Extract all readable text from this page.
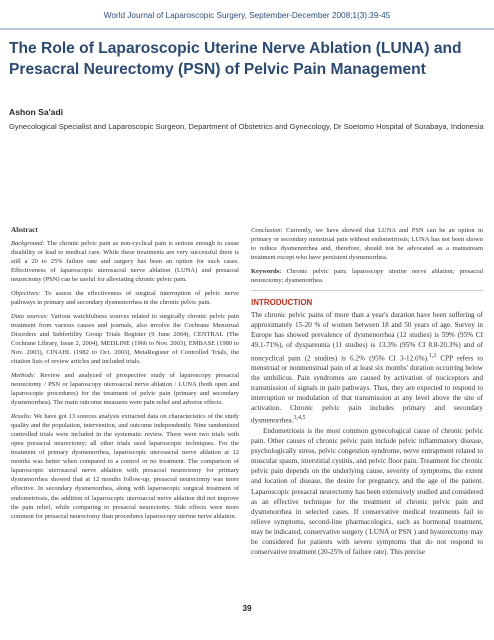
World Journal of Laparoscopic Surgery, September-December 2008;1(3):39-45
The Role of Laparoscopic Uterine Nerve Ablation (LUNA) and Presacral Neurectomy (PSN) of Pelvic Pain Management
Ashon Sa'adi
Gynecological Specialist and Laparoscopic Surgeon, Department of Obstetrics and Gynecology, Dr Soetomo Hospital of Surabaya, Indonesia
Abstract

Background: The chronic pelvic pain as non-cyclical pain is serious enough to cause disability or lead to medical care. While these treatments are very successful there is still a 20 to 25% failure rate and surgery has been an option for such cases. Effectiveness of laparoscopic uterosacral nerve ablation (LUNA) and presacral neurectomy (PSN) can be useful for alleviating chronic pelvic pain.

Objectives: To assess the effectiveness of surgical interruption of pelvic nerve pathways in primary and secondary dysmenorrhea in the chronic pelvic pain.

Data sources: Various watchfulness sources related to surgically chronic pelvic pain treatment from various causes and journals, also involve the Cochrane Menstrual Disorders and Subfertility Group Trials Register (9 June 2004), CENTRAL (The Cochrane Library, Issue 2, 2004), MEDLINE (1966 to Nov. 2003), EMBASE (1980 to Nov. 2003), CINAHL (1982 to Oct. 2003), MetaRegister of Controlled Trials, the citation lists of review articles and included trials.

Methods: Review and analyzed of prospective study of laparoscopy presacral neurectomy / PSN or laparoscopy uterosacral nerve ablation / LUNA (both open and laparoscopic procedures) for the treatment of pelvic pain (primary and secondary dysmenorrhea). The main outcome measures were pain relief and adverse effects.

Results: We have got 13 sources analysis extracted data on characteristics of the study quality and the population, intervention, and outcome independently. Nine randomized controlled trials were included in the systematic review. There were two trials with open presacral neurectomy; all other trials used laparoscopic techniques. For the treatment of primary dysmenorrhea, laparoscopic uterosacral nerve ablation at 12 months was better when compared to a control or no treatment. The comparison of laparoscopic uterosacral nerve ablation with presacral neurectomy for primary dysmenorrhea showed that at 12 months follow-up, presacral neurectomy was more effective. In secondary dysmenorrhea, along with laparoscopic surgical treatment of endometriosis, the addition of laparoscopic uterosacral nerve ablation did not improve the pain relief, while comparing to presacral neurectomy. Side effects were more common for presacral neurectomy than procedures laparoscopy uterine nerve ablation.

Conclusion: Currently, we have showed that LUNA and PSN can be an option in primary or secondary menstrual pain without endometriosis; LUNA has not been shown to reduce dysmenorrhea and, therefore, should not be advocated as a mainstream treatment except who have persistent dysmenorrhea.

Keywords: Chronic pelvic pain; laparoscopy uterine nerve ablation; presacral neurectomy; dysmenorrhea.

INTRODUCTION

The chronic pelvic pains of more than a year's duration have been suffering of approximately 15-20 % of women between 18 and 50 years of age. Survey in Europe has showed prevalence of dysmenorrhea (12 studies) is 59% (95% CI 49.1-71%), of dyspareunia (11 studies) is 13.3% (95% CI 8.8-20.3%) and of noncyclical pain (2 studies) is 6.2% (95% CI 3-12.6%).$^{1,2}$ CPP refers to menstrual or nonmenstrual pain of at least six months' duration occurring below the umbilicus. Pain syndromes are caused by activation of nociceptors and transmission of signals in pain pathways. Thus, they are expected to respond to interruption or modulation of that transmission at any level above the site of activation. Chronic pelvic pain includes primary and secondary dysmenorrhea.$^{3,4,5}$

Endometriosis is the most common gynecological cause of chronic pelvic pain. Other causes of chronic pelvic pain include pelvic inflammatory disease, psychologically stress, pelvic congestion syndrome, nerve entrapment related to muscular spasm, interstitial cystitis, and pelvic floor pain. Treatment for chronic pelvic pain depends on the underlying cause, severity of symptoms, the extent and location of disease, the desire for pregnancy, and the age of the patient. Laparoscopic presacral neurectomy has been extensively studied and considered as an effective technique for the treatment of chronic pelvic pain and dysmenorrhea in selected cases. If conservative medical treatments fail to relieve symptoms, second-line pharmacologics, such as hormonal treatment, may be indicated, conservative surgery ( LUNA or PSN ) and hysterectomy may be considered for patients with severe symptoms that do not respond to conservative treatment (20-25% of failure rate). This precise

39
